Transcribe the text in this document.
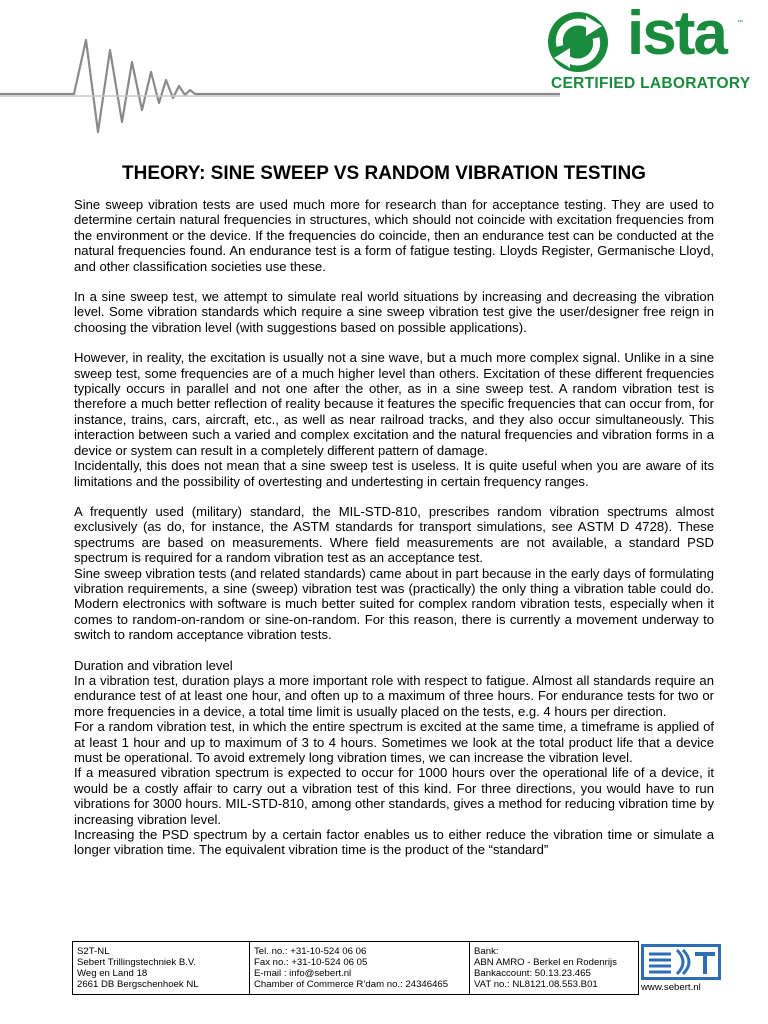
ista ™
CERTIFIED LABORATORY
THEORY: SINE SWEEP VS RANDOM VIBRATION TESTING

Sine sweep vibration tests are used much more for research than for acceptance testing. They are used to determine certain natural frequencies in structures, which should not coincide with excitation frequencies from the environment or the device. If the frequencies do coincide, then an endurance test can be conducted at the natural frequencies found. An endurance test is a form of fatigue testing. Lloyds Register, Germanische Lloyd, and other classification societies use these.

In a sine sweep test, we attempt to simulate real world situations by increasing and decreasing the vibration level. Some vibration standards which require a sine sweep vibration test give the user/designer free reign in choosing the vibration level (with suggestions based on possible applications).

However, in reality, the excitation is usually not a sine wave, but a much more complex signal. Unlike in a sine sweep test, some frequencies are of a much higher level than others. Excitation of these different frequencies typically occurs in parallel and not one after the other, as in a sine sweep test. A random vibration test is therefore a much better reflection of reality because it features the specific frequencies that can occur from, for instance, trains, cars, aircraft, etc., as well as near railroad tracks, and they also occur simultaneously. This interaction between such a varied and complex excitation and the natural frequencies and vibration forms in a device or system can result in a completely different pattern of damage.

Incidentally, this does not mean that a sine sweep test is useless. It is quite useful when you are aware of its limitations and the possibility of overtesting and undertesting in certain frequency ranges.

A frequently used (military) standard, the MIL-STD-810, prescribes random vibration spectrums almost exclusively (as do, for instance, the ASTM standards for transport simulations, see ASTM D 4728). These spectrums are based on measurements. Where field measurements are not available, a standard PSD spectrum is required for a random vibration test as an acceptance test.

Sine sweep vibration tests (and related standards) came about in part because in the early days of formulating vibration requirements, a sine (sweep) vibration test was (practically) the only thing a vibration table could do. Modern electronics with software is much better suited for complex random vibration tests, especially when it comes to random-on-random or sine-on-random. For this reason, there is currently a movement underway to switch to random acceptance vibration tests.

Duration and vibration level

In a vibration test, duration plays a more important role with respect to fatigue. Almost all standards require an endurance test of at least one hour, and often up to a maximum of three hours. For endurance tests for two or more frequencies in a device, a total time limit is usually placed on the tests, e.g. 4 hours per direction.

For a random vibration test, in which the entire spectrum is excited at the same time, a timeframe is applied of at least 1 hour and up to maximum of 3 to 4 hours. Sometimes we look at the total product life that a device must be operational. To avoid extremely long vibration times, we can increase the vibration level.

If a measured vibration spectrum is expected to occur for 1000 hours over the operational life of a device, it would be a costly affair to carry out a vibration test of this kind. For three directions, you would have to run vibrations for 3000 hours. MIL-STD-810, among other standards, gives a method for reducing vibration time by increasing vibration level.

Increasing the PSD spectrum by a certain factor enables us to either reduce the vibration time or simulate a longer vibration time. The equivalent vibration time is the product of the “standard”

S2T-NL
Sebert Trillingstechniek B.V.
Weg en Land 18
2661 DB Bergschenhoek NL
Tel. no.: +31-10-524 06 06
Fax no.: +31-10-524 06 05
E-mail : info@sebert.nl
Chamber of Commerce R’dam no.: 24346465
Bank:
ABN AMRO - Berkel en Rodenrijs
Bankaccount: 50.13.23.465
VAT no.: NL8121.08.553.B01	www.sebert.nl
